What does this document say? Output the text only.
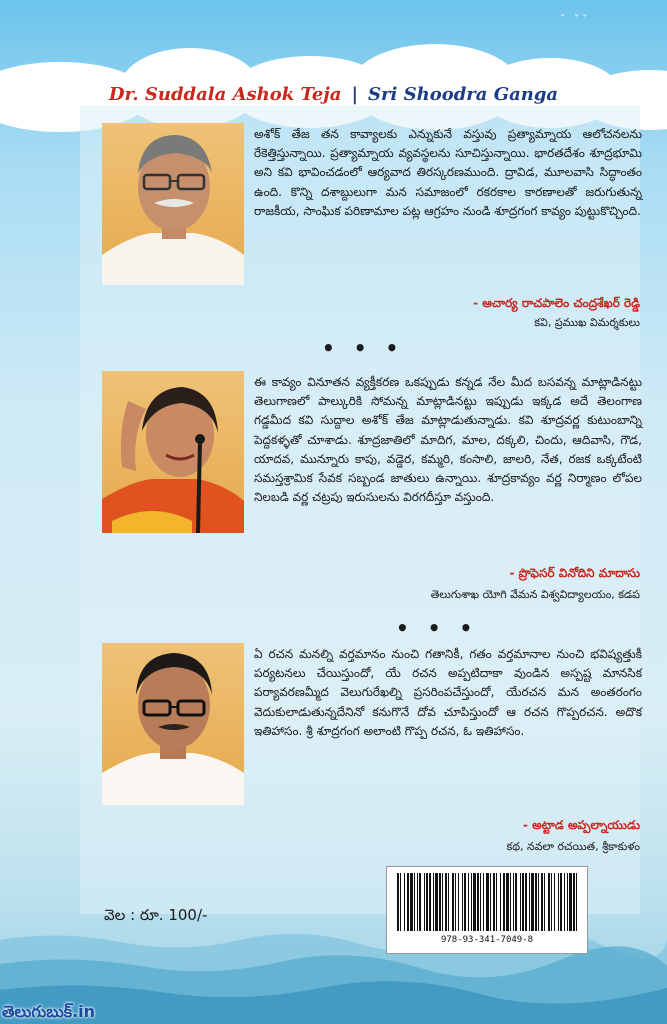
˅ ˅˅
Dr. Suddala Ashok Teja | Sri Shoodra Ganga
అశోక్ తేజ తన కావ్యాలకు ఎన్నుకునే వస్తువు ప్రత్యామ్నాయ ఆలోచనలను రేకెత్తిస్తున్నాయి. ప్రత్యామ్నాయ వ్యవస్థలను సూచిస్తున్నాయి. భారతదేశం శూద్రభూమి అని కవి భావించడంలో ఆర్యవాద తిరస్కరణముంది. ద్రావిడ, మూలవాసి సిద్ధాంతం ఉంది. కొన్ని దశాబ్దులుగా మన సమాజంలో రకరకాల కారణాలతో జరుగుతున్న రాజకీయ, సాంఘిక పరిణామాల పట్ల ఆగ్రహం నుండి శూద్రగంగ కావ్యం పుట్టుకొచ్చింది.
- ఆచార్య రాచపాలెం చంద్రశేఖర్ రెడ్డి
కవి, ప్రముఖ విమర్శకులు
• • •
ఈ కావ్యం వినూతన వ్యక్తీకరణ ఒకప్పుడు కన్నడ నేల మీద బసవన్న మాట్లాడినట్టు తెలుగాణలో పాల్కురికి సోమన్న మాట్లాడినట్టు ఇప్పుడు ఇక్కడ అదే తెలంగాణ గడ్డమీద కవి సుద్దాల అశోక్ తేజ మాట్లాడుతున్నాడు. కవి శూద్రవర్ణ కుటుంబాన్ని పెద్దకళ్ళతో చూశాడు. శూద్రజాతిలో మాదిగ, మాల, దక్కలి, చిందు, ఆదివాసి, గౌడ, యాదవ, మున్నూరు కాపు, వడ్డెర, కమ్మరి, కంసాలి, జాలరి, నేత, రజక ఒక్కటేంటి సమస్తశ్రామిక సేవక సబ్బండ జాతులు ఉన్నాయి. శూద్రకావ్యం వర్ణ నిర్మాణం లోపల నిలబడి వర్ణ చట్రపు ఇరుసులను విరగదీస్తూ వస్తుంది.
- ప్రొఫెసర్ వినోదిని మాదాసు
తెలుగుశాఖ యోగి వేమన విశ్వవిద్యాలయం, కడప
• • •
ఏ రచన మనల్ని వర్తమానం నుంచి గతానికీ, గతం వర్తమానాల నుంచి భవిష్యత్తుకీ పర్యటనలు చేయిస్తుందో, యే రచన అప్పటిదాకా వుండిన అస్పష్ట మానసిక పర్యావరణమ్మీద వెలుగురేఖల్ని ప్రసరింపచేస్తుందో, యేరచన మన అంతరంగం వెదుకులాడుతున్నదేనినో కనుగొనే దోవ చూపిస్తుందో ఆ రచన గొప్పరచన. అదొక ఇతిహాసం. శ్రీ శూద్రగంగ అలాంటి గొప్ప రచన, ఓ ఇతిహాసం.
- అట్టాడ అప్పల్నాయుడు
కథ, నవలా రచయిత, శ్రీకాకుళం
వెల : రూ. 100/-
978-93-341-7049-8
తెలుగుబుక్.in
